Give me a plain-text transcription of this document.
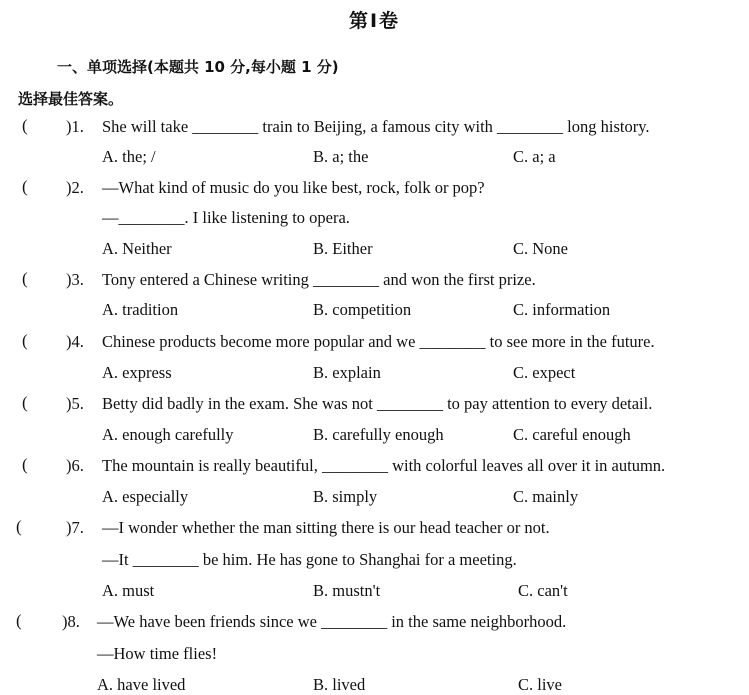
第Ⅰ卷
一、单项选择(本题共 10 分,每小题 1 分)
选择最佳答案。
( )1. She will take ________ train to Beijing, a famous city with ________ long history.
A. the; /	B. a; the	C. a; a
( )2. —What kind of music do you like best, rock, folk or pop?
—________. I like listening to opera.
A. Neither	B. Either	C. None
( )3. Tony entered a Chinese writing ________ and won the first prize.
A. tradition	B. competition	C. information
( )4. Chinese products become more popular and we ________ to see more in the future.
A. express	B. explain	C. expect
( )5. Betty did badly in the exam. She was not ________ to pay attention to every detail.
A. enough carefully	B. carefully enough	C. careful enough
( )6. The mountain is really beautiful, ________ with colorful leaves all over it in autumn.
A. especially	B. simply	C. mainly
(	)7. —I wonder whether the man sitting there is our head teacher or not.
—It ________ be him. He has gone to Shanghai for a meeting.
A. must	B. mustn't	C. can't
( )8. —We have been friends since we ________ in the same neighborhood.
—How time flies!
A. have lived	B. lived	C. live
